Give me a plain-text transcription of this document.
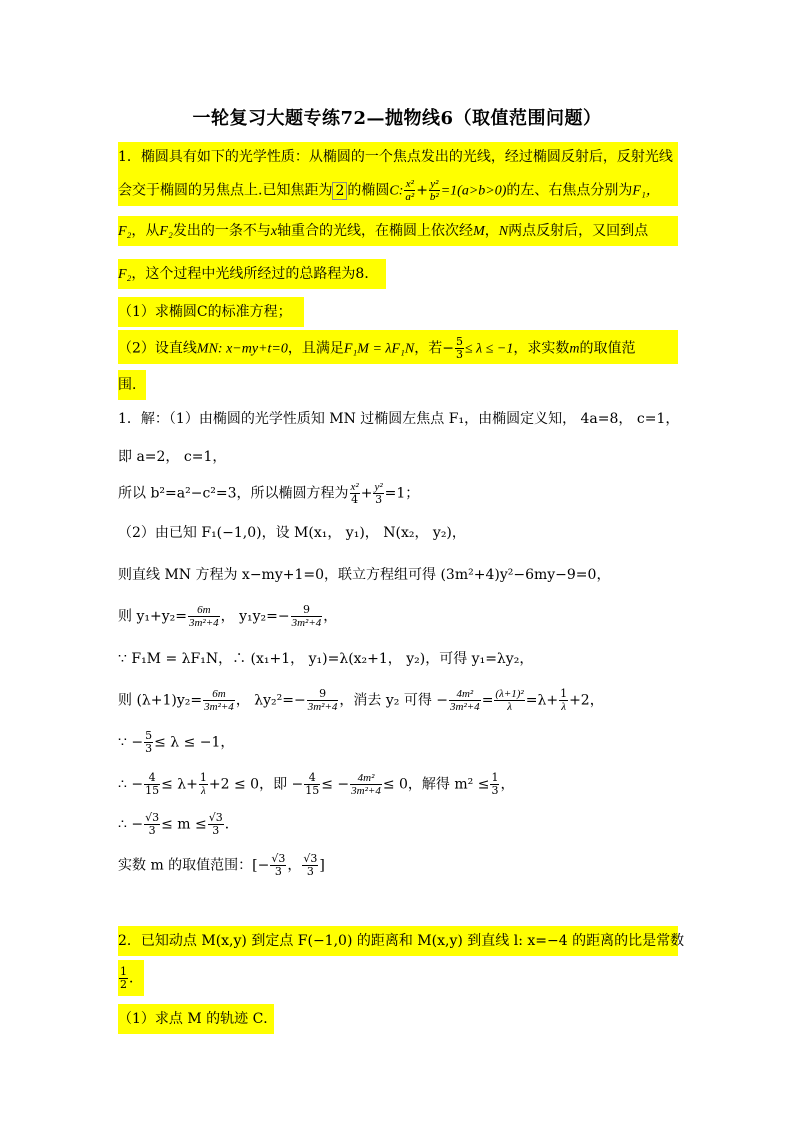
一轮复习大题专练72—抛物线6（取值范围问题）
1．椭圆具有如下的光学性质：从椭圆的一个焦点发出的光线，经过椭圆反射后，反射光线
会交于椭圆的另焦点上.已知焦距为 2 的椭圆C: $\frac{\text{x²}}{\text{a²}} + \frac{\text{y²}}{\text{b²}} =1(a>b>0)$的左、右焦点分别为F₁，
F₂，从F₂发出的一条不与x轴重合的光线，在椭圆上依次经M，N两点反射后，又回到点
F₂，这个过程中光线所经过的总路程为8．
（1）求椭圆C的标准方程；
（2）设直线MN: x−my+t=0，且满足F₁M = λF₁N，若− $\frac{5}{3} \le \lambda \le -1$，求实数m的取值范
围．
1．解：（1）由椭圆的光学性质知 MN 过椭圆左焦点 F₁，由椭圆定义知， 4a=8， c=1，
即 a=2， c=1，
所以 b²=a²−c²=3，所以椭圆方程为 $\frac{\text{x²}}{4} + \frac{\text{y²}}{3} =1$；
（2）由已知 F₁(−1,0)，设 M(x₁， y₁)， N(x₂， y₂)，
则直线 MN 方程为 x−my+1=0，联立方程组可得 (3m²+4)y²−6my−9=0，
则 $y_1+y_2= \frac{6m}{\text{3m²+4}}$ ， $y_1y_2=- \frac{9}{\text{3m²+4}}$ ，
∵ F₁M = λF₁N，∴ (x₁+1， y₁)=λ(x₂+1， y₂)，可得 y₁=λy₂，
则 $(\lambda+1)y_2= \frac{6m}{\text{3m²+4}}$ ， $\lambda y_2^2=- \frac{9}{\text{3m²+4}}$ ，消去 y₂ 可得 − $\frac{\text{4m²}}{\text{3m²+4}} = \frac{\text{(λ+1)²}}{\lambda} =\lambda+ \frac{1}{\lambda} +2$，
∵ − $\frac{5}{3} \le \lambda \le -1$，
∴ − $\frac{4}{15} \le \lambda+ \frac{1}{\lambda} +2 \le 0$，即 − $\frac{4}{15}$ ≤ − $\frac{\text{4m²}}{\text{3m²+4}} \le 0$，解得 $m^2 \le \frac{1}{3}$ ，
∴ − $\frac{√3}{3} \le m \le \frac{√3}{3}$ ．
实数 m 的取值范围：[− $\frac{√3}{3}$ ， $\frac{√3}{3}$ ]
2．已知动点 M(x,y) 到定点 F(−1,0) 的距离和 M(x,y) 到直线 l: x=−4 的距离的比是常数
$\frac{1}{2}$ ．
（1）求点 M 的轨迹 C．
